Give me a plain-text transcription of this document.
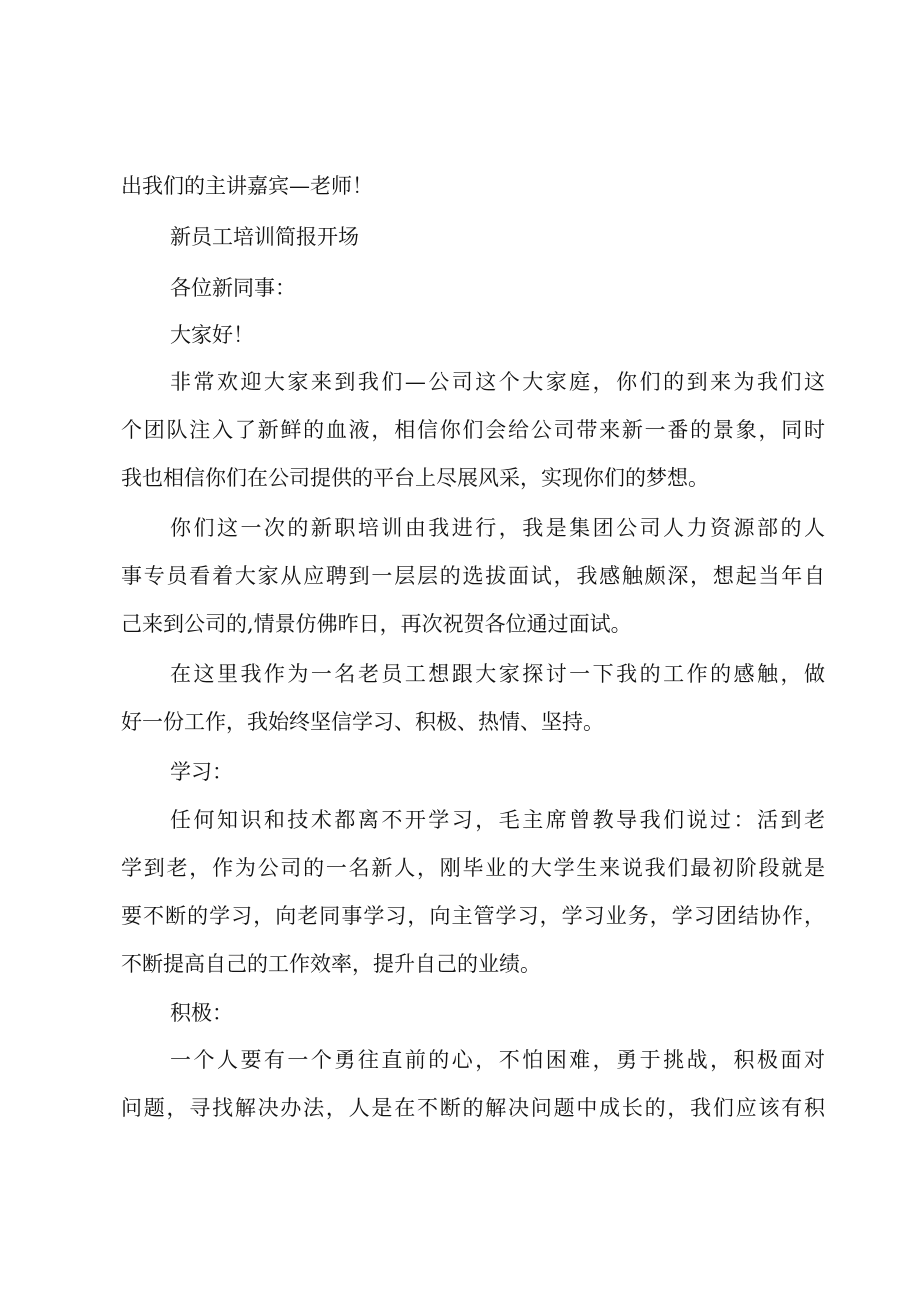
出我们的主讲嘉宾—老师！
新员工培训简报开场
各位新同事：
大家好！
非常欢迎大家来到我们—公司这个大家庭，你们的到来为我们这
个团队注入了新鲜的血液，相信你们会给公司带来新一番的景象，同时
我也相信你们在公司提供的平台上尽展风采，实现你们的梦想。
你们这一次的新职培训由我进行，我是集团公司人力资源部的人
事专员看着大家从应聘到一层层的选拔面试，我感触颇深，想起当年自
己来到公司的,情景仿佛昨日，再次祝贺各位通过面试。
在这里我作为一名老员工想跟大家探讨一下我的工作的感触，做
好一份工作，我始终坚信学习、积极、热情、坚持。
学习：
任何知识和技术都离不开学习，毛主席曾教导我们说过：活到老
学到老，作为公司的一名新人，刚毕业的大学生来说我们最初阶段就是
要不断的学习，向老同事学习，向主管学习，学习业务，学习团结协作，
不断提高自己的工作效率，提升自己的业绩。
积极：
一个人要有一个勇往直前的心，不怕困难，勇于挑战，积极面对
问题，寻找解决办法，人是在不断的解决问题中成长的，我们应该有积
